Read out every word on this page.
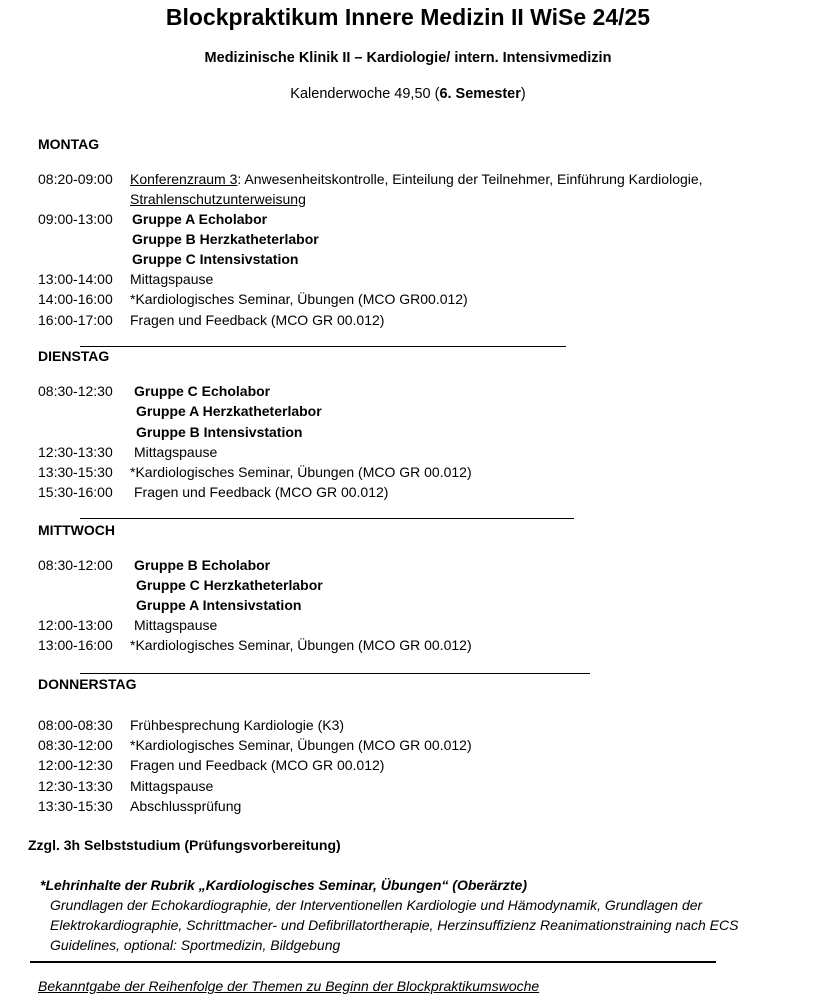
Blockpraktikum Innere Medizin II WiSe 24/25
Medizinische Klinik II – Kardiologie/ intern. Intensivmedizin
Kalenderwoche 49,50 (6. Semester)
MONTAG
08:20-09:00 Konferenzraum 3: Anwesenheitskontrolle, Einteilung der Teilnehmer, Einführung Kardiologie,
Strahlenschutzunterweisung
09:00-13:00 Gruppe A Echolabor
Gruppe B Herzkatheterlabor
Gruppe C Intensivstation
13:00-14:00 Mittagspause
14:00-16:00 *Kardiologisches Seminar, Übungen (MCO GR00.012)
16:00-17:00 Fragen und Feedback (MCO GR 00.012)
DIENSTAG
08:30-12:30 Gruppe C Echolabor
Gruppe A Herzkatheterlabor
Gruppe B Intensivstation
12:30-13:30 Mittagspause
13:30-15:30 *Kardiologisches Seminar, Übungen (MCO GR 00.012)
15:30-16:00 Fragen und Feedback (MCO GR 00.012)
MITTWOCH
08:30-12:00 Gruppe B Echolabor
Gruppe C Herzkatheterlabor
Gruppe A Intensivstation
12:00-13:00 Mittagspause
13:00-16:00 *Kardiologisches Seminar, Übungen (MCO GR 00.012)
DONNERSTAG
08:00-08:30 Frühbesprechung Kardiologie (K3)
08:30-12:00 *Kardiologisches Seminar, Übungen (MCO GR 00.012)
12:00-12:30 Fragen und Feedback (MCO GR 00.012)
12:30-13:30 Mittagspause
13:30-15:30 Abschlussprüfung
Zzgl. 3h Selbststudium (Prüfungsvorbereitung)
*Lehrinhalte der Rubrik „Kardiologisches Seminar, Übungen“ (Oberärzte)
Grundlagen der Echokardiographie, der Interventionellen Kardiologie und Hämodynamik, Grundlagen der
Elektrokardiographie, Schrittmacher- und Defibrillatortherapie, Herzinsuffizienz Reanimationstraining nach ECS
Guidelines, optional: Sportmedizin, Bildgebung
Bekanntgabe der Reihenfolge der Themen zu Beginn der Blockpraktikumswoche
